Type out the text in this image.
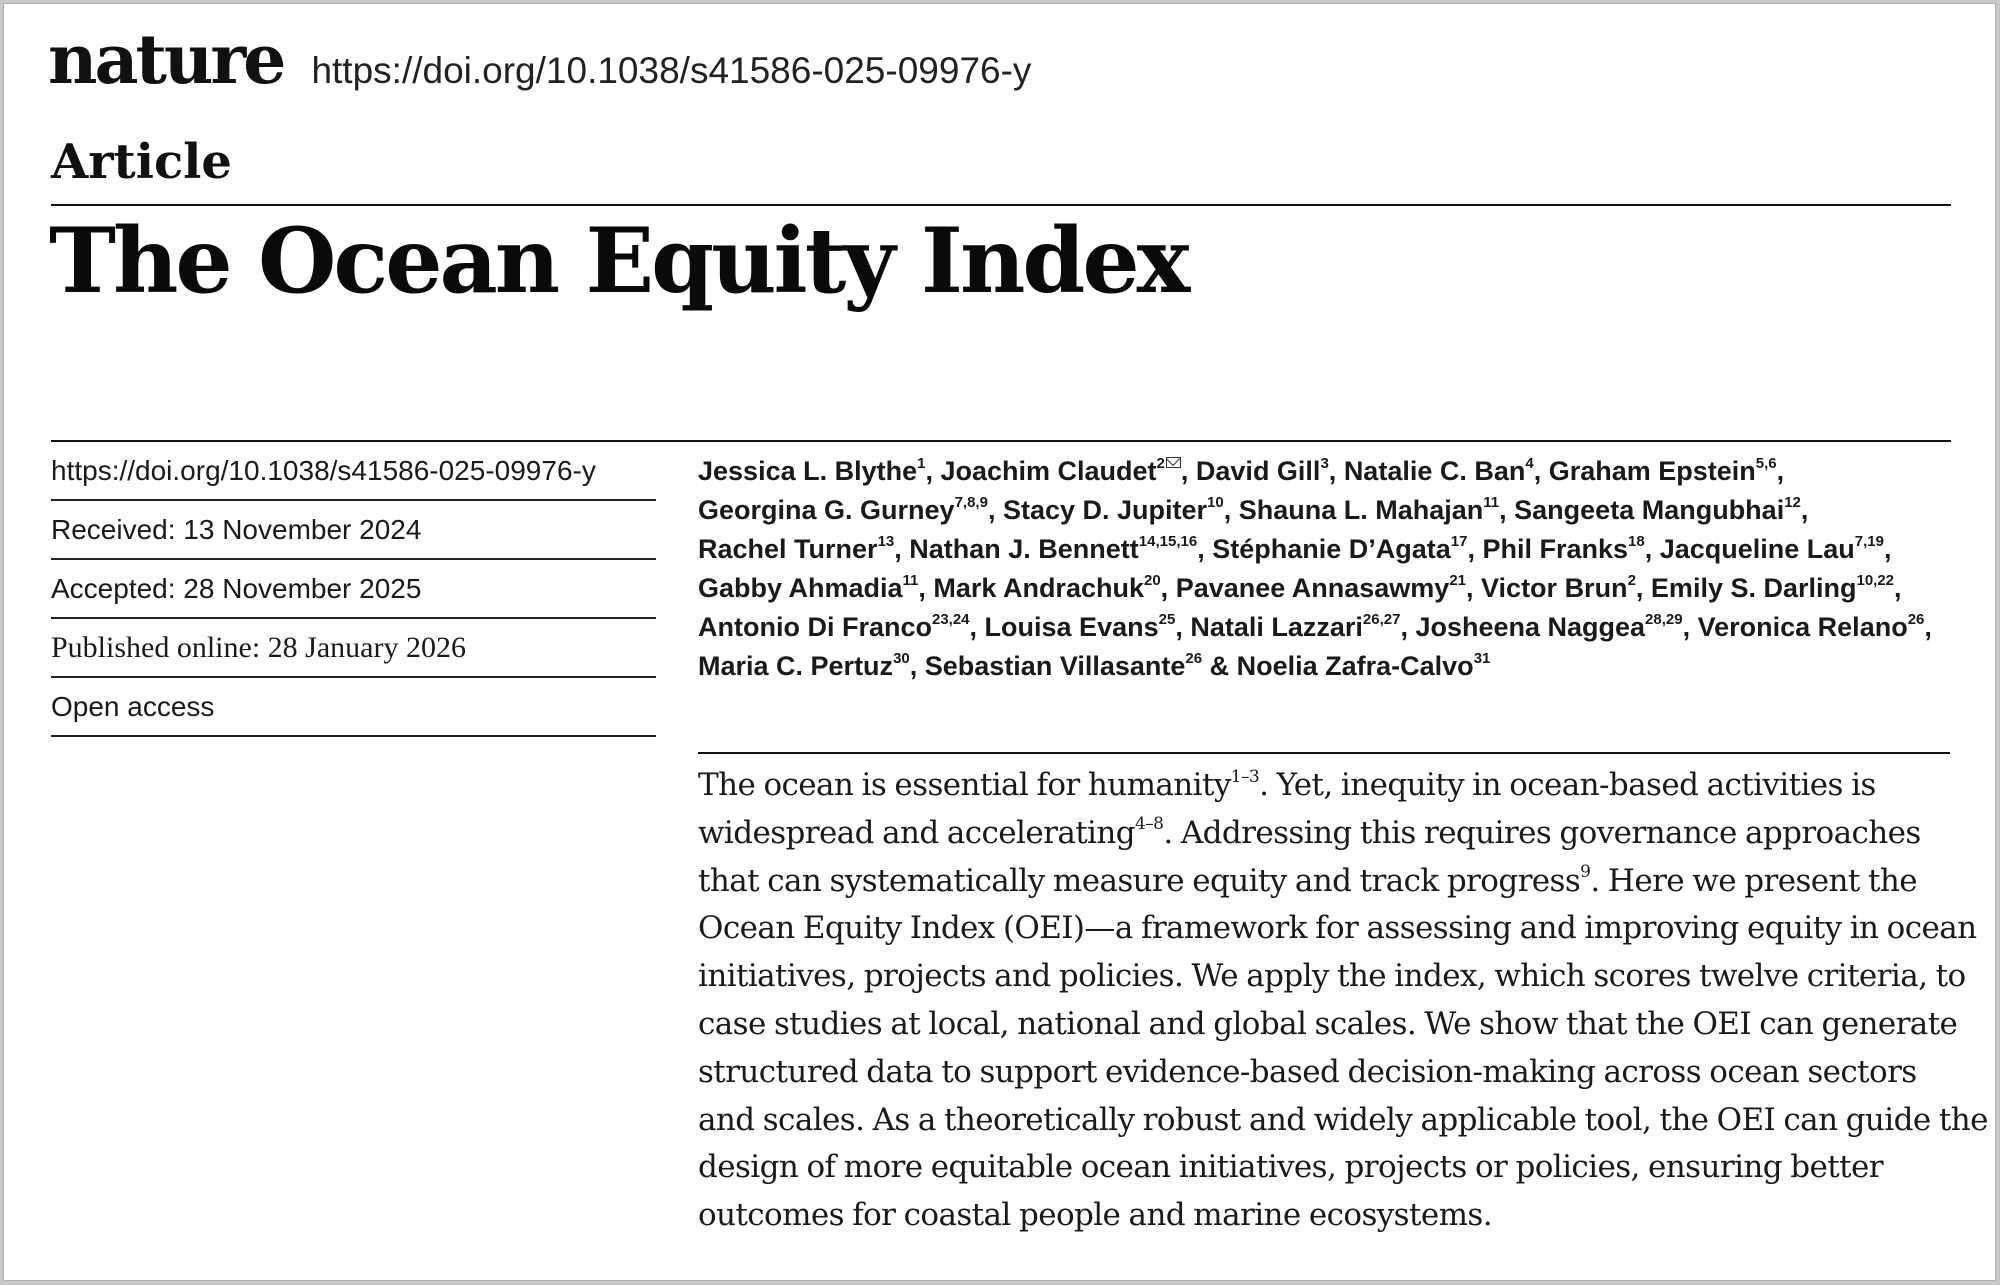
nature https://doi.org/10.1038/s41586-025-09976-y
Article
The Ocean Equity Index
https://doi.org/10.1038/s41586-025-09976-y
Received: 13 November 2024
Accepted: 28 November 2025
Published online: 28 January 2026
Open access
Jessica L. Blythe$^1$, Joachim Claudet$^2$ , David Gill$^3$, Natalie C. Ban$^4$, Graham Epstein$^{5,6}$, Georgina G. Gurney$^{7,8,9}$, Stacy D. Jupiter$^{10}$, Shauna L. Mahajan$^{11}$, Sangeeta Mangubhai$^{12}$, Rachel Turner$^{13}$, Nathan J. Bennett$^{14,15,16}$, Stéphanie D’Agata$^{17}$, Phil Franks$^{18}$, Jacqueline Lau$^{7,19}$, Gabby Ahmadia$^{11}$, Mark Andrachuk$^{20}$, Pavanee Annasawmy$^{21}$, Victor Brun$^2$, Emily S. Darling$^{10,22}$, Antonio Di Franco$^{23,24}$, Louisa Evans$^{25}$, Natali Lazzari$^{26,27}$, Josheena Naggea$^{28,29}$, Veronica Relano$^{26}$, Maria C. Pertuz$^{30}$, Sebastian Villasante$^{26}$ & Noelia Zafra-Calvo$^{31}$
The ocean is essential for humanity$^{1-3}$. Yet, inequity in ocean-based activities is
widespread and accelerating$^{4-8}$. Addressing this requires governance approaches
that can systematically measure equity and track progress$^9$. Here we present the
Ocean Equity Index (OEI)—a framework for assessing and improving equity in ocean
initiatives, projects and policies. We apply the index, which scores twelve criteria, to
case studies at local, national and global scales. We show that the OEI can generate
structured data to support evidence-based decision-making across ocean sectors
and scales. As a theoretically robust and widely applicable tool, the OEI can guide the
design of more equitable ocean initiatives, projects or policies, ensuring better
outcomes for coastal people and marine ecosystems.
